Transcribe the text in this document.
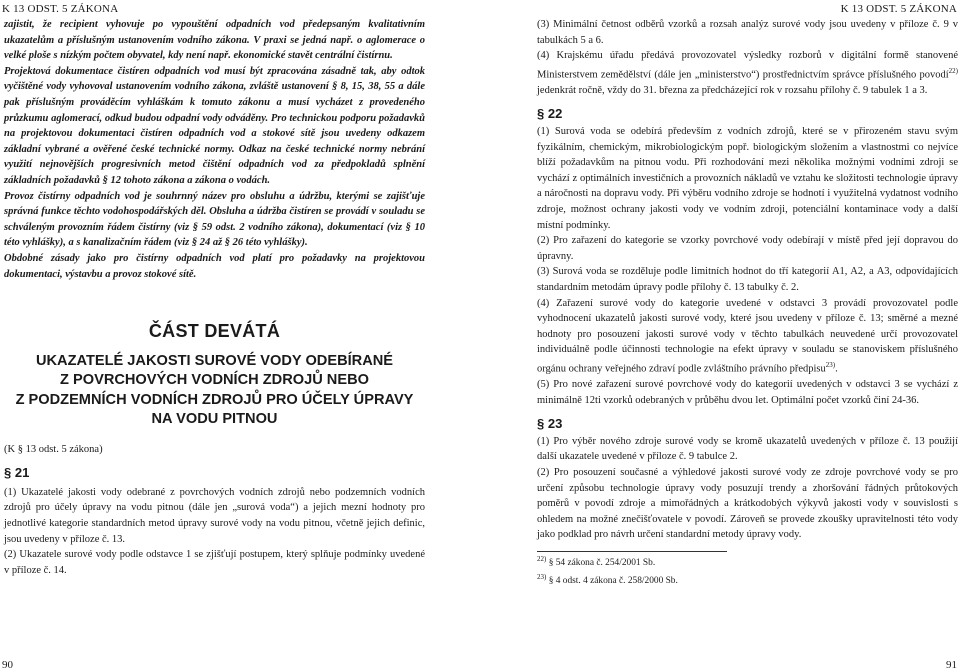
K 13 ODST. 5 ZÁKONA

zajistit, že recipient vyhovuje po vypouštění odpadních vod předepsaným kvalitativním ukazatelům a příslušným ustanovením vodního zákona. V praxi se jedná např. o aglomerace o velké ploše s nízkým počtem obyvatel, kdy není např. ekonomické stavět centrální čistírnu.

Projektová dokumentace čistíren odpadních vod musí být zpracována zásadně tak, aby odtok vyčištěné vody vyhovoval ustanovením vodního zákona, zvláště ustanovení § 8, 15, 38, 55 a dále pak příslušným prováděcím vyhláškám k tomuto zákonu a musí vycházet z provedeného průzkumu aglomerací, odkud budou odpadní vody odváděny. Pro technickou podporu požadavků na projektovou dokumentaci čistíren odpadních vod a stokové sítě jsou uvedeny odkazem základní vybrané a ověřené české technické normy. Odkaz na české technické normy nebrání využití nejnovějších progresivních metod čištění odpadních vod za předpokladů splnění základních požadavků § 12 tohoto zákona a zákona o vodách.

Provoz čistírny odpadních vod je souhrnný název pro obsluhu a údržbu, kterými se zajišťuje správná funkce těchto vodohospodářských děl. Obsluha a údržba čistíren se provádí v souladu se schváleným provozním řádem čistírny (viz § 59 odst. 2 vodního zákona), dokumentací (viz § 10 této vyhlášky), a s kanalizačním řádem (viz § 24 až § 26 této vyhlášky).

Obdobné zásady jako pro čistírny odpadních vod platí pro požadavky na projektovou dokumentaci, výstavbu a provoz stokové sítě.

ČÁST DEVÁTÁ
UKAZATELÉ JAKOSTI SUROVÉ VODY ODEBÍRANÉ
Z POVRCHOVÝCH VODNÍCH ZDROJŮ NEBO
Z PODZEMNÍCH VODNÍCH ZDROJŮ PRO ÚČELY ÚPRAVY
NA VODU PITNOU

(K § 13 odst. 5 zákona)

§ 21

(1) Ukazatelé jakosti vody odebrané z povrchových vodních zdrojů nebo podzemních vodních zdrojů pro účely úpravy na vodu pitnou (dále jen „surová voda“) a jejich mezní hodnoty pro jednotlivé kategorie standardních metod úpravy surové vody na vodu pitnou, včetně jejich definic, jsou uvedeny v příloze č. 13.

(2) Ukazatele surové vody podle odstavce 1 se zjišťují postupem, který splňuje podmínky uvedené v příloze č. 14.

90
K 13 ODST. 5 ZÁKONA

(3) Minimální četnost odběrů vzorků a rozsah analýz surové vody jsou uvedeny v příloze č. 9 v tabulkách 5 a 6.

(4) Krajskému úřadu předává provozovatel výsledky rozborů v digitální formě stanovené Ministerstvem zemědělství (dále jen „ministerstvo“) prostřednictvím správce příslušného povodí$^{22)}$ jedenkrát ročně, vždy do 31. března za předcházející rok v rozsahu přílohy č. 9 tabulek 1 a 3.

§ 22

(1) Surová voda se odebírá především z vodních zdrojů, které se v přirozeném stavu svým fyzikálním, chemickým, mikrobiologickým popř. biologickým složením a vlastnostmi co nejvíce blíží požadavkům na pitnou vodu. Při rozhodování mezi několika možnými vodními zdroji se vychází z optimálních investičních a provozních nákladů ve vztahu ke složitosti technologie úpravy a náročnosti na dopravu vody. Při výběru vodního zdroje se hodnotí i využitelná vydatnost vodního zdroje, možnost ochrany jakosti vody ve vodním zdroji, potenciální kontaminace vody a další místní podmínky.

(2) Pro zařazení do kategorie se vzorky povrchové vody odebírají v místě před její dopravou do úpravny.

(3) Surová voda se rozděluje podle limitních hodnot do tří kategorií A1, A2, a A3, odpovídajících standardním metodám úpravy podle přílohy č. 13 tabulky č. 2.

(4) Zařazení surové vody do kategorie uvedené v odstavci 3 provádí provozovatel podle vyhodnocení ukazatelů jakosti surové vody, které jsou uvedeny v příloze č. 13; směrné a mezné hodnoty pro posouzení jakosti surové vody v těchto tabulkách neuvedené určí provozovatel individuálně podle účinnosti technologie na efekt úpravy v souladu se stanoviskem příslušného orgánu ochrany veřejného zdraví podle zvláštního právního předpisu$^{23)}$.

(5) Pro nové zařazení surové povrchové vody do kategorií uvedených v odstavci 3 se vychází z minimálně 12ti vzorků odebraných v průběhu dvou let. Optimální počet vzorků činí 24-36.

§ 23

(1) Pro výběr nového zdroje surové vody se kromě ukazatelů uvedených v příloze č. 13 použijí další ukazatele uvedené v příloze č. 9 tabulce 2.

(2) Pro posouzení současné a výhledové jakosti surové vody ze zdroje povrchové vody se pro určení způsobu technologie úpravy vody posuzují trendy a zhoršování řádných průtokových poměrů v povodí zdroje a mimořádných a krátkodobých výkyvů jakosti vody v souvislosti s ohledem na možné znečišťovatele v povodí. Zároveň se provede zkoušky upravitelnosti této vody jako podklad pro návrh určení standardní metody úpravy vody.

$^{22)}$ § 54 zákona č. 254/2001 Sb.
$^{23)}$ § 4 odst. 4 zákona č. 258/2000 Sb.
91
